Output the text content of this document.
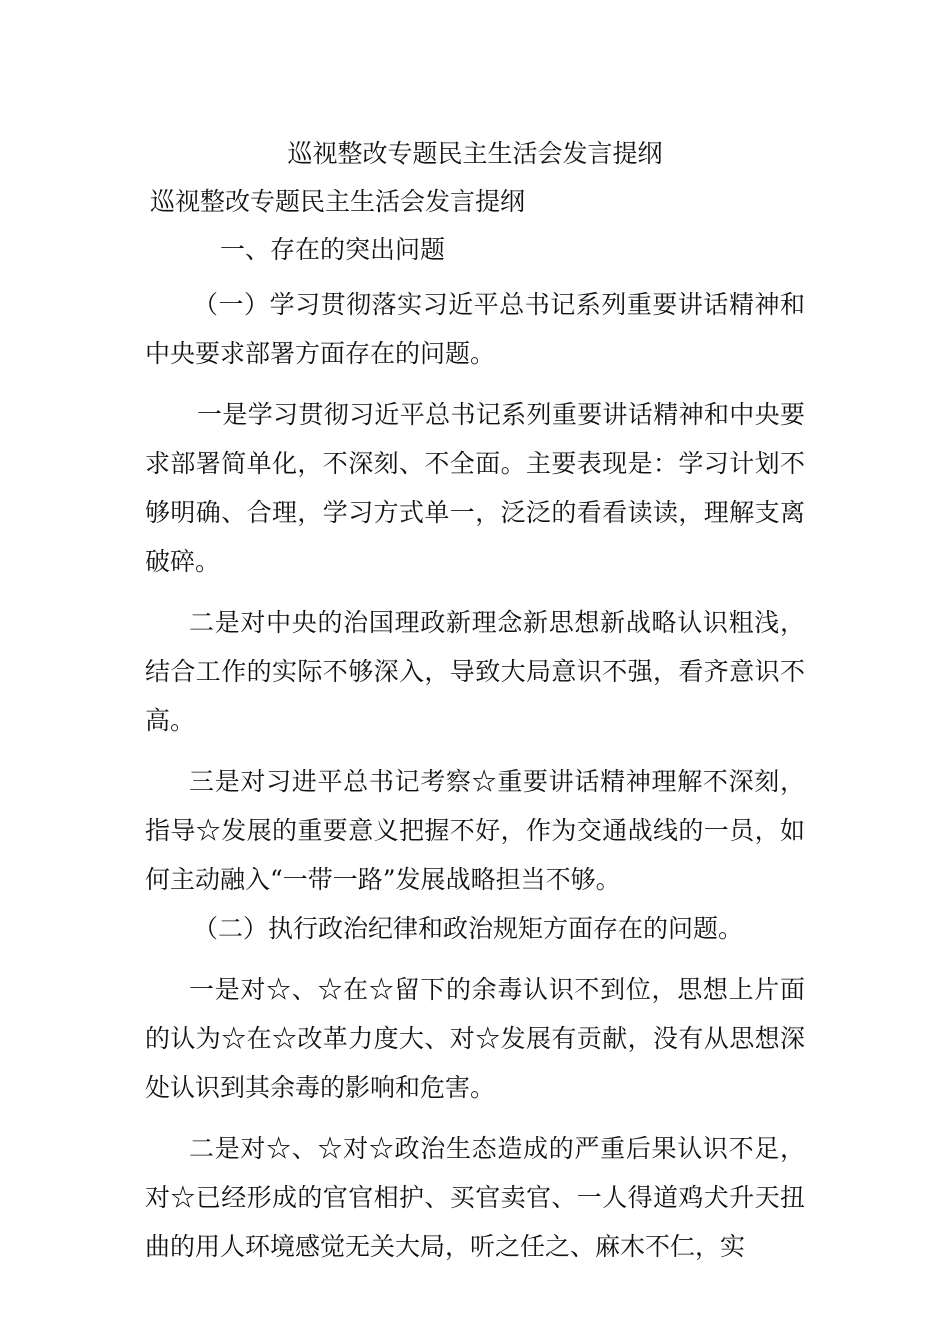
巡视整改专题民主生活会发言提纲
巡视整改专题民主生活会发言提纲
一、存在的突出问题

（一）学习贯彻落实习近平总书记系列重要讲话精神和中央要求部署方面存在的问题。

一是学习贯彻习近平总书记系列重要讲话精神和中央要求部署简单化，不深刻、不全面。主要表现是：学习计划不够明确、合理，学习方式单一，泛泛的看看读读，理解支离破碎。

二是对中央的治国理政新理念新思想新战略认识粗浅，结合工作的实际不够深入，导致大局意识不强，看齐意识不高。

三是对习进平总书记考察☆重要讲话精神理解不深刻，指导☆发展的重要意义把握不好，作为交通战线的一员，如何主动融入“一带一路”发展战略担当不够。

（二）执行政治纪律和政治规矩方面存在的问题。

一是对☆、☆在☆留下的余毒认识不到位，思想上片面的认为☆在☆改革力度大、对☆发展有贡献，没有从思想深处认识到其余毒的影响和危害。

二是对☆、☆对☆政治生态造成的严重后果认识不足，对☆已经形成的官官相护、买官卖官、一人得道鸡犬升天扭曲的用人环境感觉无关大局，听之任之、麻木不仁，实
